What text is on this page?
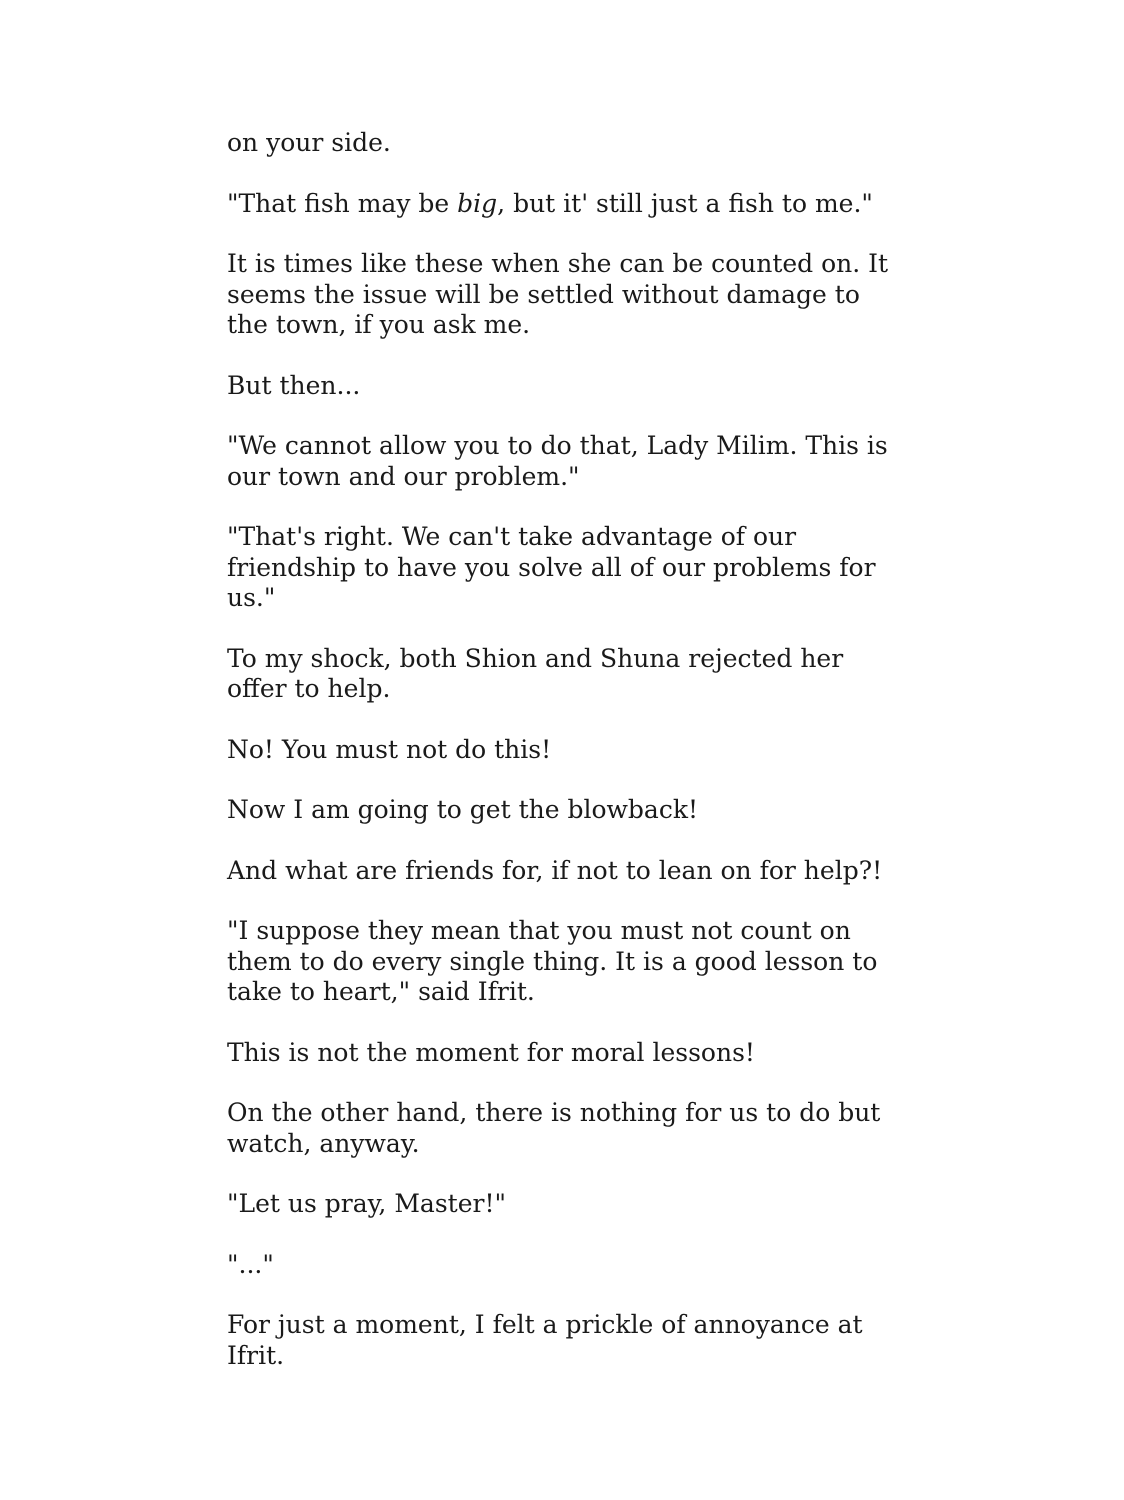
on your side.

"That fish may be big, but it' still just a fish to me."

It is times like these when she can be counted on. It seems the issue will be settled without damage to the town, if you ask me.

But then...

"We cannot allow you to do that, Lady Milim. This is our town and our problem."

"That's right. We can't take advantage of our friendship to have you solve all of our problems for us."

To my shock, both Shion and Shuna rejected her offer to help.

No! You must not do this!

Now I am going to get the blowback!

And what are friends for, if not to lean on for help?!

"I suppose they mean that you must not count on them to do every single thing. It is a good lesson to take to heart," said Ifrit.

This is not the moment for moral lessons!

On the other hand, there is nothing for us to do but watch, anyway.

"Let us pray, Master!"

"..."

For just a moment, I felt a prickle of annoyance at Ifrit.
